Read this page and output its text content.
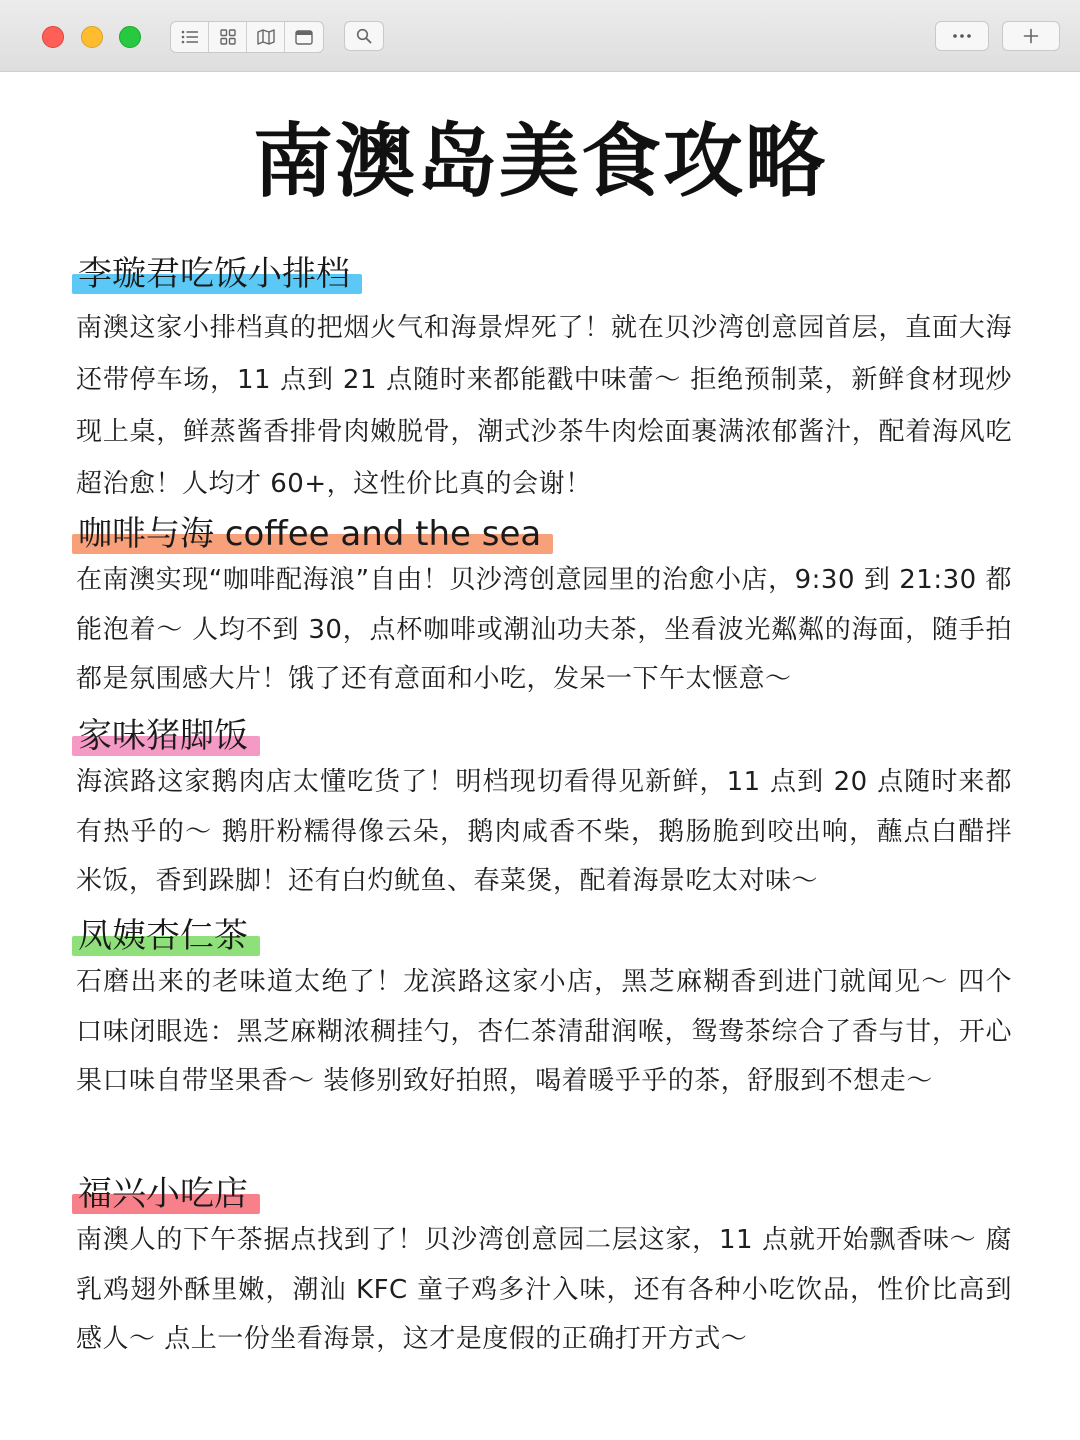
南澳岛美食攻略
李璇君吃饭小排档

南澳这家小排档真的把烟火气和海景焊死了！就在贝沙湾创意园首层，直面大海还带停车场，11 点到 21 点随时来都能戳中味蕾～ 拒绝预制菜，新鲜食材现炒现上桌，鲜蒸酱香排骨肉嫩脱骨，潮式沙茶牛肉烩面裹满浓郁酱汁，配着海风吃超治愈！人均才 60+，这性价比真的会谢！

咖啡与海 coffee and the sea

在南澳实现“咖啡配海浪”自由！贝沙湾创意园里的治愈小店，9:30 到 21:30 都能泡着～ 人均不到 30，点杯咖啡或潮汕功夫茶，坐看波光粼粼的海面，随手拍都是氛围感大片！饿了还有意面和小吃，发呆一下午太惬意～

家味猪脚饭

海滨路这家鹅肉店太懂吃货了！明档现切看得见新鲜，11 点到 20 点随时来都有热乎的～ 鹅肝粉糯得像云朵，鹅肉咸香不柴，鹅肠脆到咬出响，蘸点白醋拌米饭，香到跺脚！还有白灼鱿鱼、春菜煲，配着海景吃太对味～

凤姨杏仁茶

石磨出来的老味道太绝了！龙滨路这家小店，黑芝麻糊香到进门就闻见～ 四个口味闭眼选：黑芝麻糊浓稠挂勺，杏仁茶清甜润喉，鸳鸯茶综合了香与甘，开心果口味自带坚果香～ 装修别致好拍照，喝着暖乎乎的茶，舒服到不想走～

福兴小吃店

南澳人的下午茶据点找到了！贝沙湾创意园二层这家，11 点就开始飘香味～ 腐乳鸡翅外酥里嫩，潮汕 KFC 童子鸡多汁入味，还有各种小吃饮品，性价比高到感人～ 点上一份坐看海景，这才是度假的正确打开方式～
